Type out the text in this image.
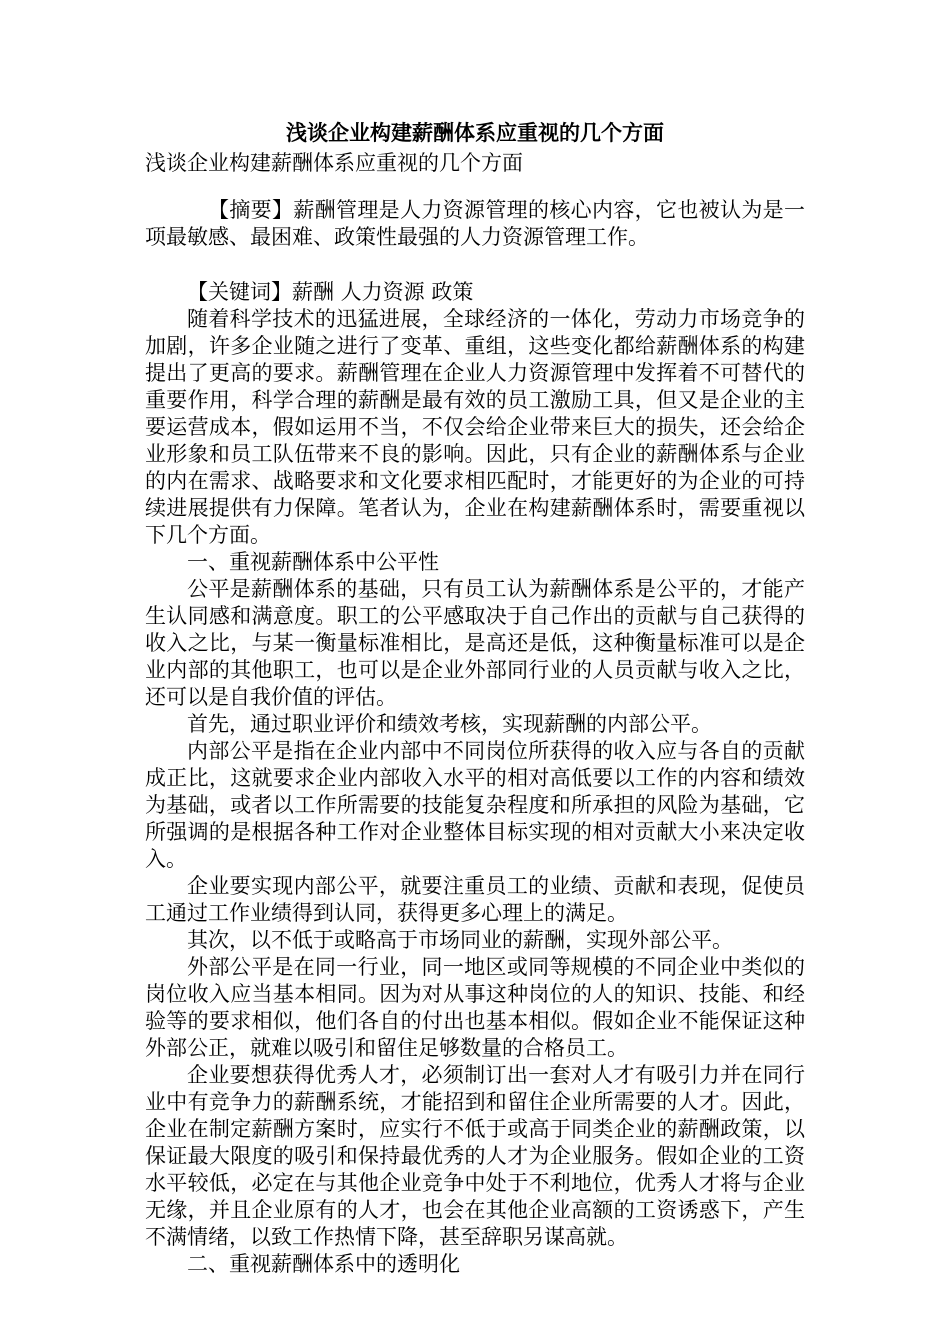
浅谈企业构建薪酬体系应重视的几个方面
浅谈企业构建薪酬体系应重视的几个方面

【摘要】薪酬管理是人力资源管理的核心内容，它也被认为是一项最敏感、最困难、政策性最强的人力资源管理工作。

【关键词】薪酬 人力资源 政策

随着科学技术的迅猛进展，全球经济的一体化，劳动力市场竞争的加剧，许多企业随之进行了变革、重组，这些变化都给薪酬体系的构建提出了更高的要求。薪酬管理在企业人力资源管理中发挥着不可替代的重要作用，科学合理的薪酬是最有效的员工激励工具，但又是企业的主要运营成本，假如运用不当，不仅会给企业带来巨大的损失，还会给企业形象和员工队伍带来不良的影响。因此，只有企业的薪酬体系与企业的内在需求、战略要求和文化要求相匹配时，才能更好的为企业的可持续进展提供有力保障。笔者认为，企业在构建薪酬体系时，需要重视以下几个方面。

一、重视薪酬体系中公平性

公平是薪酬体系的基础，只有员工认为薪酬体系是公平的，才能产生认同感和满意度。职工的公平感取决于自己作出的贡献与自己获得的收入之比，与某一衡量标准相比，是高还是低，这种衡量标准可以是企业内部的其他职工，也可以是企业外部同行业的人员贡献与收入之比，还可以是自我价值的评估。

首先，通过职业评价和绩效考核，实现薪酬的内部公平。

内部公平是指在企业内部中不同岗位所获得的收入应与各自的贡献成正比，这就要求企业内部收入水平的相对高低要以工作的内容和绩效为基础，或者以工作所需要的技能复杂程度和所承担的风险为基础，它所强调的是根据各种工作对企业整体目标实现的相对贡献大小来决定收入。

企业要实现内部公平，就要注重员工的业绩、贡献和表现，促使员工通过工作业绩得到认同，获得更多心理上的满足。

其次，以不低于或略高于市场同业的薪酬，实现外部公平。

外部公平是在同一行业，同一地区或同等规模的不同企业中类似的岗位收入应当基本相同。因为对从事这种岗位的人的知识、技能、和经验等的要求相似，他们各自的付出也基本相似。假如企业不能保证这种外部公正，就难以吸引和留住足够数量的合格员工。

企业要想获得优秀人才，必须制订出一套对人才有吸引力并在同行业中有竞争力的薪酬系统，才能招到和留住企业所需要的人才。因此，企业在制定薪酬方案时，应实行不低于或高于同类企业的薪酬政策，以保证最大限度的吸引和保持最优秀的人才为企业服务。假如企业的工资水平较低，必定在与其他企业竞争中处于不利地位，优秀人才将与企业无缘，并且企业原有的人才，也会在其他企业高额的工资诱惑下，产生不满情绪，以致工作热情下降，甚至辞职另谋高就。

二、重视薪酬体系中的透明化
